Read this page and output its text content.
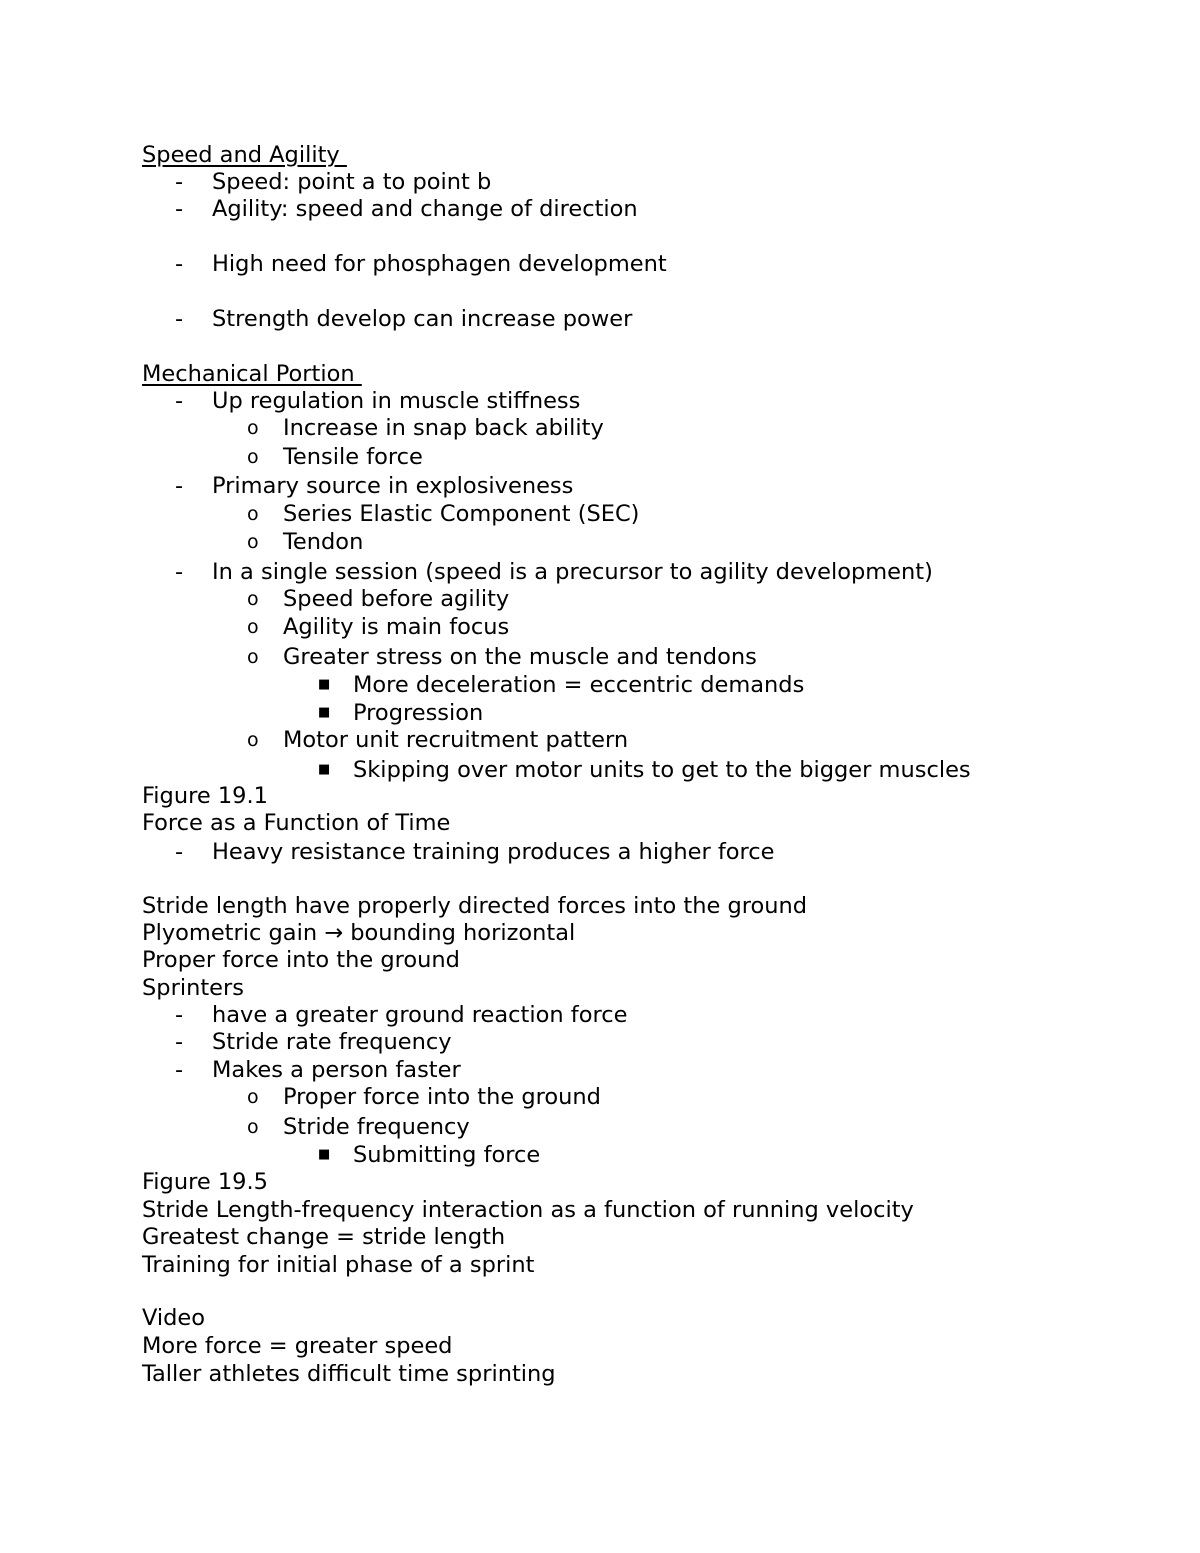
Speed and Agility
- Speed: point a to point b
- Agility: speed and change of direction
- High need for phosphagen development
- Strength develop can increase power
Mechanical Portion
- Up regulation in muscle stiffness
o Increase in snap back ability
o Tensile force
- Primary source in explosiveness
o Series Elastic Component (SEC)
o Tendon
- In a single session (speed is a precursor to agility development)
o Speed before agility
o Agility is main focus
o Greater stress on the muscle and tendons
■ More deceleration = eccentric demands
■ Progression
o Motor unit recruitment pattern
■ Skipping over motor units to get to the bigger muscles
Figure 19.1
Force as a Function of Time
- Heavy resistance training produces a higher force
Stride length have properly directed forces into the ground
Plyometric gain → bounding horizontal
Proper force into the ground
Sprinters
- have a greater ground reaction force
- Stride rate frequency
- Makes a person faster
o Proper force into the ground
o Stride frequency
■ Submitting force
Figure 19.5
Stride Length-frequency interaction as a function of running velocity
Greatest change = stride length
Training for initial phase of a sprint
Video
More force = greater speed
Taller athletes difficult time sprinting
